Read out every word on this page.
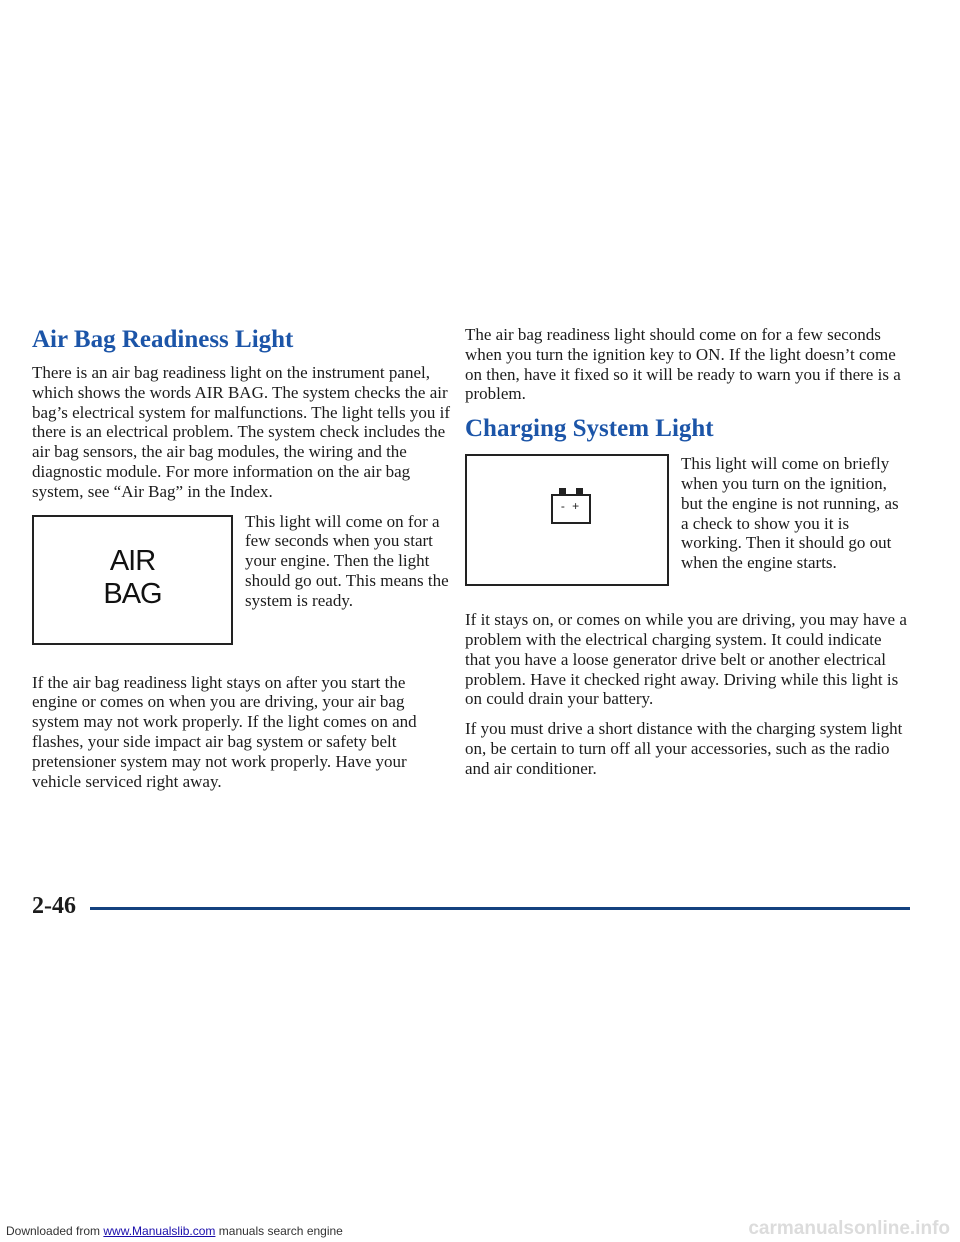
Air Bag Readiness Light

There is an air bag readiness light on the instrument panel, which shows the words AIR BAG. The system checks the air bag’s electrical system for malfunctions. The light tells you if there is an electrical problem. The system check includes the air bag sensors, the air bag modules, the wiring and the diagnostic module. For more information on the air bag system, see “Air Bag” in the Index.

AIR
BAG
This light will come on for a few seconds when you start your engine. Then the light should go out. This means the system is ready.

If the air bag readiness light stays on after you start the engine or comes on when you are driving, your air bag system may not work properly. If the light comes on and flashes, your side impact air bag system or safety belt pretensioner system may not work properly. Have your vehicle serviced right away.

The air bag readiness light should come on for a few seconds when you turn the ignition key to ON. If the light doesn’t come on then, have it fixed so it will be ready to warn you if there is a problem.

Charging System Light
- +
This light will come on briefly when you turn on the ignition, but the engine is not running, as a check to show you it is working. Then it should go out when the engine starts.

If it stays on, or comes on while you are driving, you may have a problem with the electrical charging system. It could indicate that you have a loose generator drive belt or another electrical problem. Have it checked right away. Driving while this light is on could drain your battery.

If you must drive a short distance with the charging system light on, be certain to turn off all your accessories, such as the radio and air conditioner.

2-46
Downloaded from www.Manualslib.com manuals search engine	carmanualsonline.info
